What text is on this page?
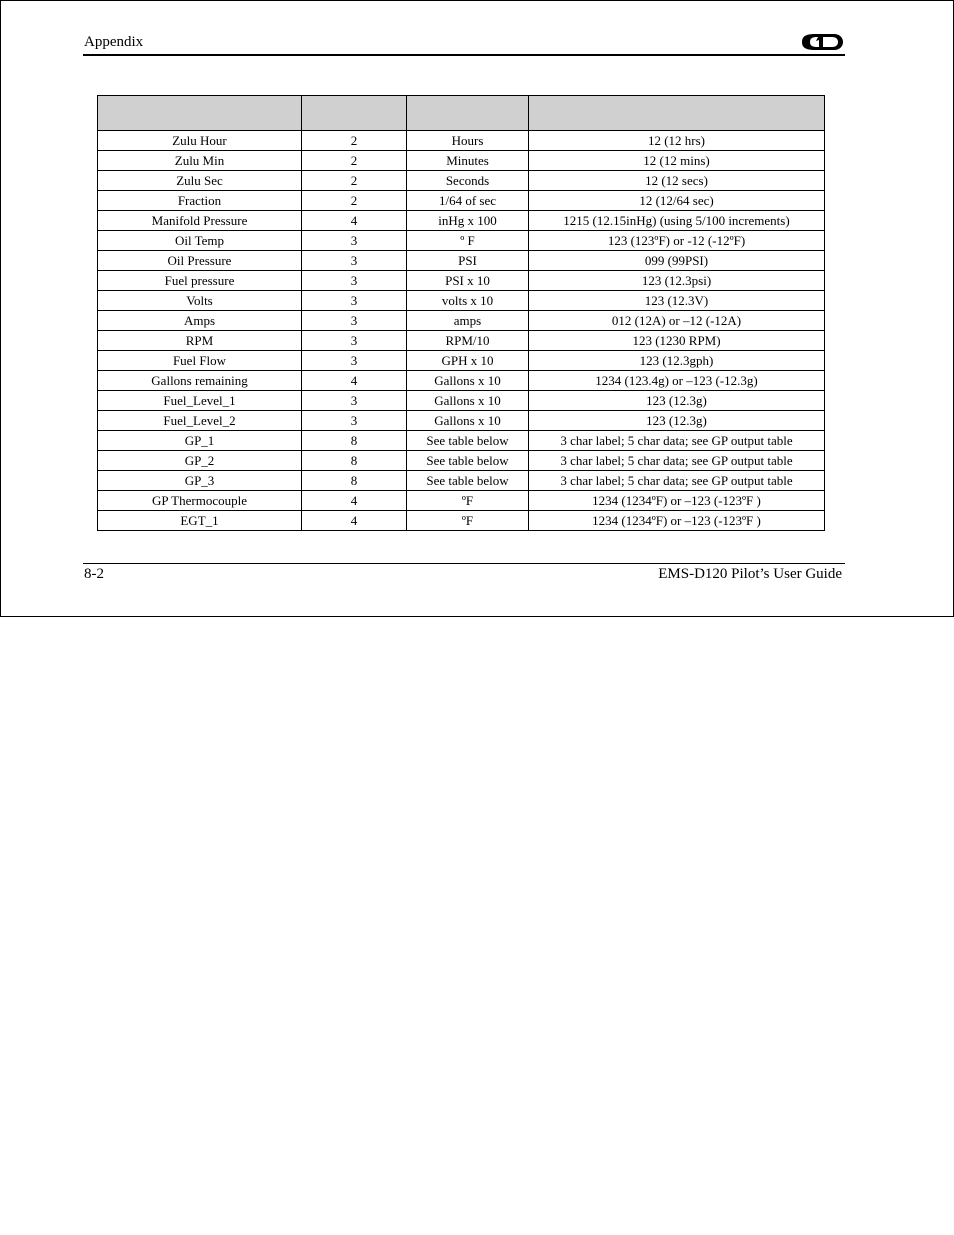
Appendix

Zulu Hour	2	Hours	12 (12 hrs)
Zulu Min	2	Minutes	12 (12 mins)
Zulu Sec	2	Seconds	12 (12 secs)
Fraction	2	1/64 of sec	12 (12/64 sec)
Manifold Pressure	4	inHg x 100	1215 (12.15inHg) (using 5/100 increments)
Oil Temp	3	º F	123 (123ºF) or -12 (-12ºF)
Oil Pressure	3	PSI	099 (99PSI)
Fuel pressure	3	PSI x 10	123 (12.3psi)
Volts	3	volts x 10	123 (12.3V)
Amps	3	amps	012 (12A) or –12 (-12A)
RPM	3	RPM/10	123 (1230 RPM)
Fuel Flow	3	GPH x 10	123 (12.3gph)
Gallons remaining	4	Gallons x 10	1234 (123.4g) or –123 (-12.3g)
Fuel_Level_1	3	Gallons x 10	123 (12.3g)
Fuel_Level_2	3	Gallons x 10	123 (12.3g)
GP_1	8	See table below	3 char label; 5 char data; see GP output table
GP_2	8	See table below	3 char label; 5 char data; see GP output table
GP_3	8	See table below	3 char label; 5 char data; see GP output table
GP Thermocouple	4	ºF	1234 (1234ºF) or –123 (-123ºF )
EGT_1	4	ºF	1234 (1234ºF) or –123 (-123ºF )
8-2	EMS-D120 Pilot’s User Guide
